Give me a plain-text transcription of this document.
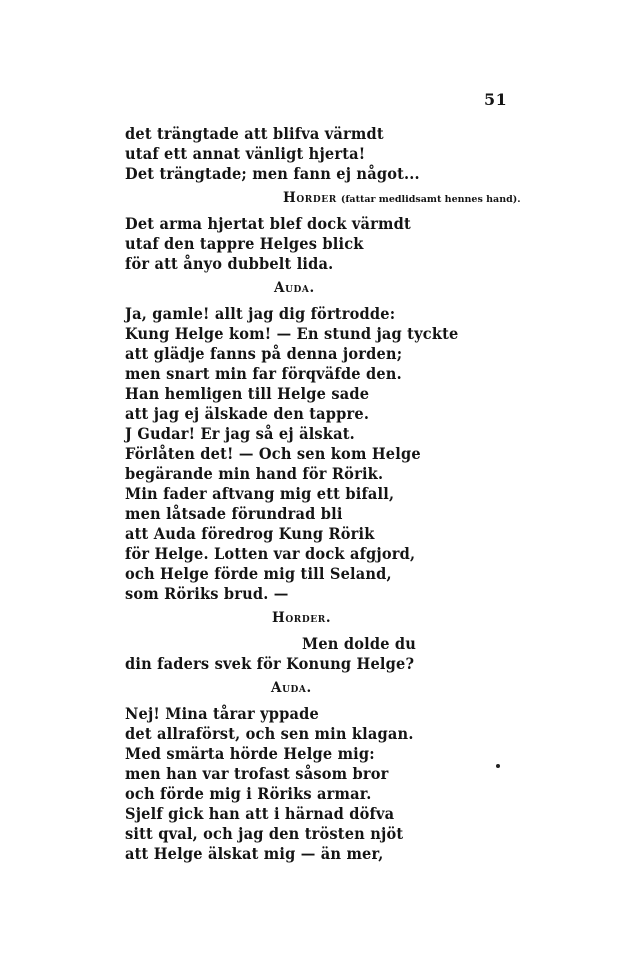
51
det trängtade att blifva värmdt
utaf ett annat vänligt hjerta!
Det trängtade; men fann ej något...
Horder (fattar medlidsamt hennes hand).
Det arma hjertat blef dock värmdt
utaf den tappre Helges blick
för att ånyo dubbelt lida.
Auda.
Ja, gamle! allt jag dig förtrodde:
Kung Helge kom! — En stund jag tyckte
att glädje fanns på denna jorden;
men snart min far förqväfde den.
Han hemligen till Helge sade
att jag ej älskade den tappre.
J Gudar! Er jag så ej älskat.
Förlåten det! — Och sen kom Helge
begärande min hand för Rörik.
Min fader aftvang mig ett bifall,
men låtsade förundrad bli
att Auda föredrog Kung Rörik
för Helge. Lotten var dock afgjord,
och Helge förde mig till Seland,
som Röriks brud. —
Horder.
Men dolde du
din faders svek för Konung Helge?
Auda.
Nej! Mina tårar yppade
det allraförst, och sen min klagan.
Med smärta hörde Helge mig:
men han var trofast såsom bror
och förde mig i Röriks armar.
Sjelf gick han att i härnad döfva
sitt qval, och jag den trösten njöt
att Helge älskat mig — än mer,
